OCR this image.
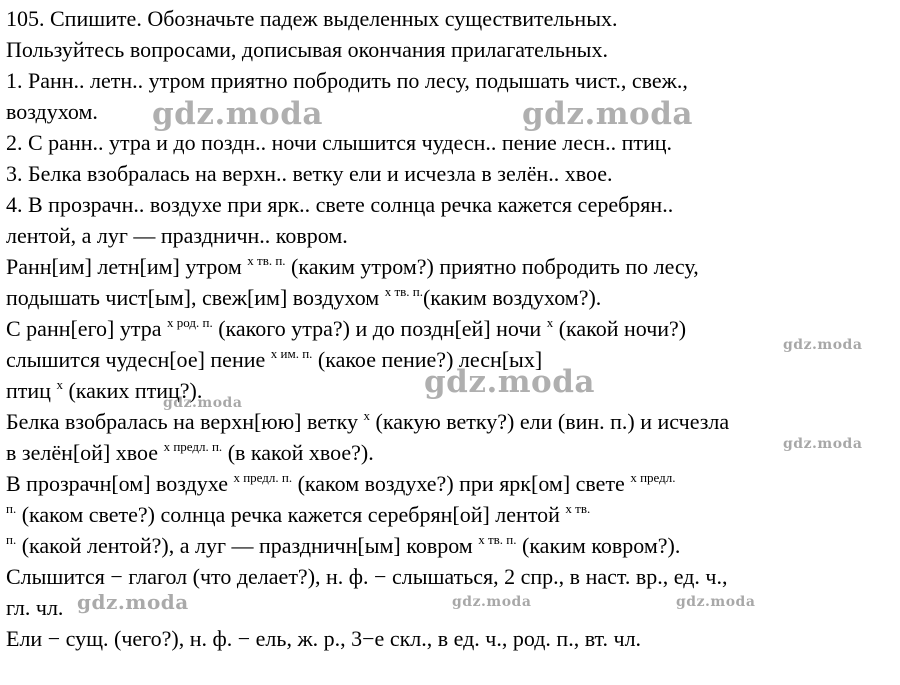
105. Спишите. Обозначьте падеж выделенных существительных.
Пользуйтесь вопросами, дописывая окончания прилагательных.
1. Ранн.. летн.. утром приятно побродить по лесу, подышать чист., свеж.,
воздухом.
2. С ранн.. утра и до поздн.. ночи слышится чудесн.. пение лесн.. птиц.
3. Белка взобралась на верхн.. ветку ели и исчезла в зелён.. хвое.
4. В прозрачн.. воздухе при ярк.. свете солнца речка кажется серебрян..
лентой, а луг — праздничн.. ковром.
Ранн[им] летн[им] утром $^{х тв. п.}$ (каким утром?) приятно побродить по лесу,
подышать чист[ым], свеж[им] воздухом $^{х тв. п.}$(каким воздухом?).
С ранн[его] утра $^{х род. п.}$ (какого утра?) и до поздн[ей] ночи $^х$ (какой ночи?)
слышится чудесн[ое] пение $^{х им. п.}$ (какое пение?) лесн[ых]
птиц $^х$ (каких птиц?).
Белка взобралась на верхн[юю] ветку $^х$ (какую ветку?) ели (вин. п.) и исчезла
в зелён[ой] хвое $^{х предл. п.}$ (в какой хвое?).
В прозрачн[ом] воздухе $^{х предл. п.}$ (каком воздухе?) при ярк[ом] свете $^{х предл.}$
$^{п.}$ (каком свете?) солнца речка кажется серебрян[ой] лентой $^{х тв.}$
$^{п.}$ (какой лентой?), а луг — праздничн[ым] ковром $^{х тв. п.}$ (каким ковром?).
Слышится − глагол (что делает?), н. ф. − слышаться, 2 спр., в наст. вр., ед. ч.,
гл. чл.
Ели − сущ. (чего?), н. ф. − ель, ж. р., 3−е скл., в ед. ч., род. п., вт. чл.
gdz.moda	gdz.moda
gdz.moda
gdz.moda
gdz.moda
gdz.moda
gdz.moda	gdz.moda	gdz.moda
